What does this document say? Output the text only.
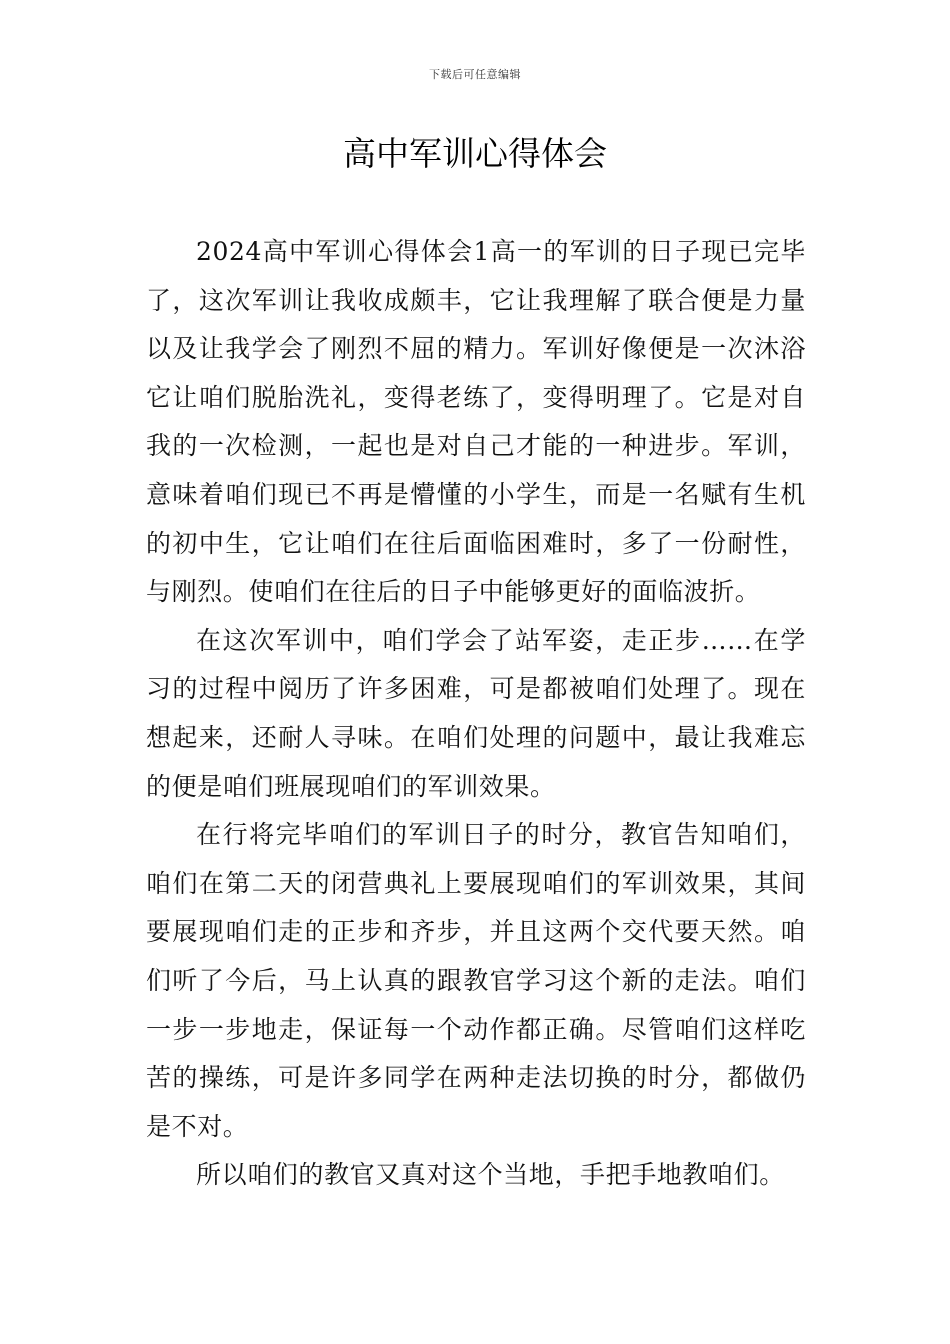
下载后可任意编辑
高中军训心得体会

2024高中军训心得体会1高一的军训的日子现已完毕了，这次军训让我收成颇丰，它让我理解了联合便是力量以及让我学会了刚烈不屈的精力。军训好像便是一次沐浴它让咱们脱胎洗礼，变得老练了，变得明理了。它是对自我的一次检测，一起也是对自己才能的一种进步。军训，意味着咱们现已不再是懵懂的小学生，而是一名赋有生机的初中生，它让咱们在往后面临困难时，多了一份耐性，与刚烈。使咱们在往后的日子中能够更好的面临波折。

在这次军训中，咱们学会了站军姿，走正步……在学习的过程中阅历了许多困难，可是都被咱们处理了。现在想起来，还耐人寻味。在咱们处理的问题中，最让我难忘的便是咱们班展现咱们的军训效果。

在行将完毕咱们的军训日子的时分，教官告知咱们，咱们在第二天的闭营典礼上要展现咱们的军训效果，其间要展现咱们走的正步和齐步，并且这两个交代要天然。咱们听了今后，马上认真的跟教官学习这个新的走法。咱们一步一步地走，保证每一个动作都正确。尽管咱们这样吃苦的操练，可是许多同学在两种走法切换的时分，都做仍是不对。

所以咱们的教官又真对这个当地，手把手地教咱们。
